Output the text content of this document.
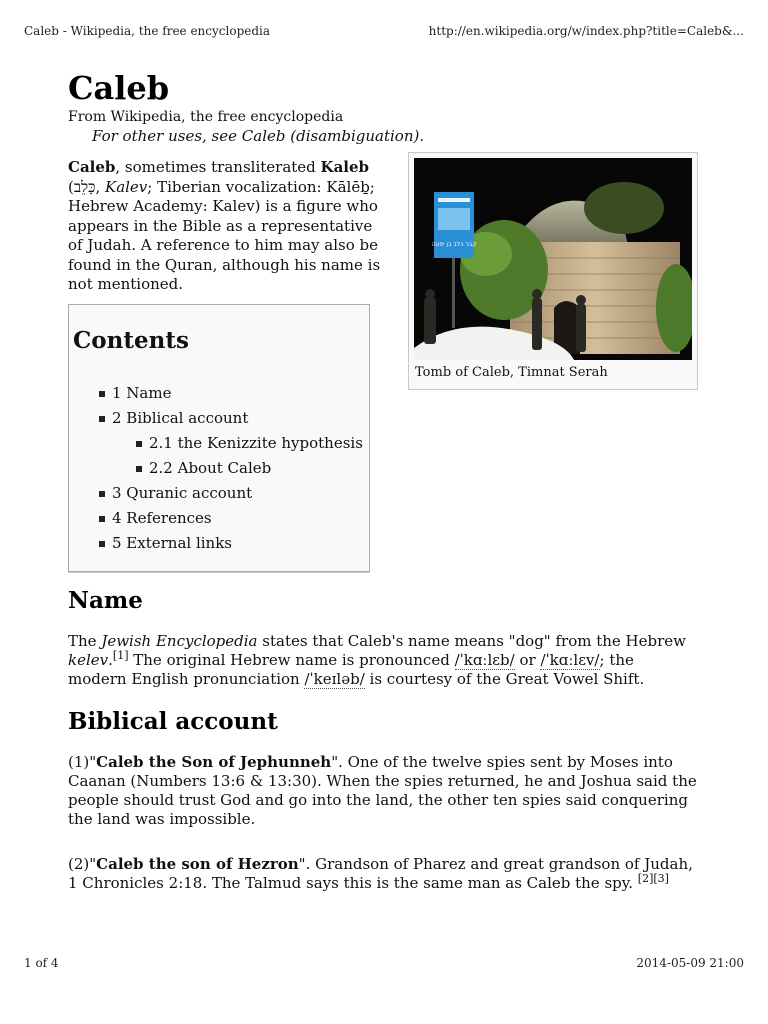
Caleb - Wikipedia, the free encyclopedia	http://en.wikipedia.org/w/index.php?title=Caleb&...
Caleb
From Wikipedia, the free encyclopedia
For other uses, see Caleb (disambiguation).
Caleb, sometimes transliterated Kaleb (כָּלֵב, Kalev; Tiberian vocalization: Kālēḇ; Hebrew Academy: Kalev) is a figure who appears in the Bible as a representative of Judah. A reference to him may also be found in the Quran, although his name is not mentioned.
קבר כלב בן יפונה
Tomb of Caleb, Timnat Serah
Contents
1 Name
2 Biblical account
2.1 the Kenizzite hypothesis
2.2 About Caleb
3 Quranic account
4 References
5 External links
Name

The Jewish Encyclopedia states that Caleb's name means "dog" from the Hebrew kelev.[1] The original Hebrew name is pronounced /ˈkɑːlɛb/ or /ˈkɑːlɛv/; the modern English pronunciation /ˈkeɪləb/ is courtesy of the Great Vowel Shift.

Biblical account

(1)"Caleb the Son of Jephunneh". One of the twelve spies sent by Moses into Caanan (Numbers 13:6 & 13:30). When the spies returned, he and Joshua said the people should trust God and go into the land, the other ten spies said conquering the land was impossible.

(2)"Caleb the son of Hezron". Grandson of Pharez and great grandson of Judah, 1 Chronicles 2:18. The Talmud says this is the same man as Caleb the spy. [2][3]

1 of 4	2014-05-09 21:00
